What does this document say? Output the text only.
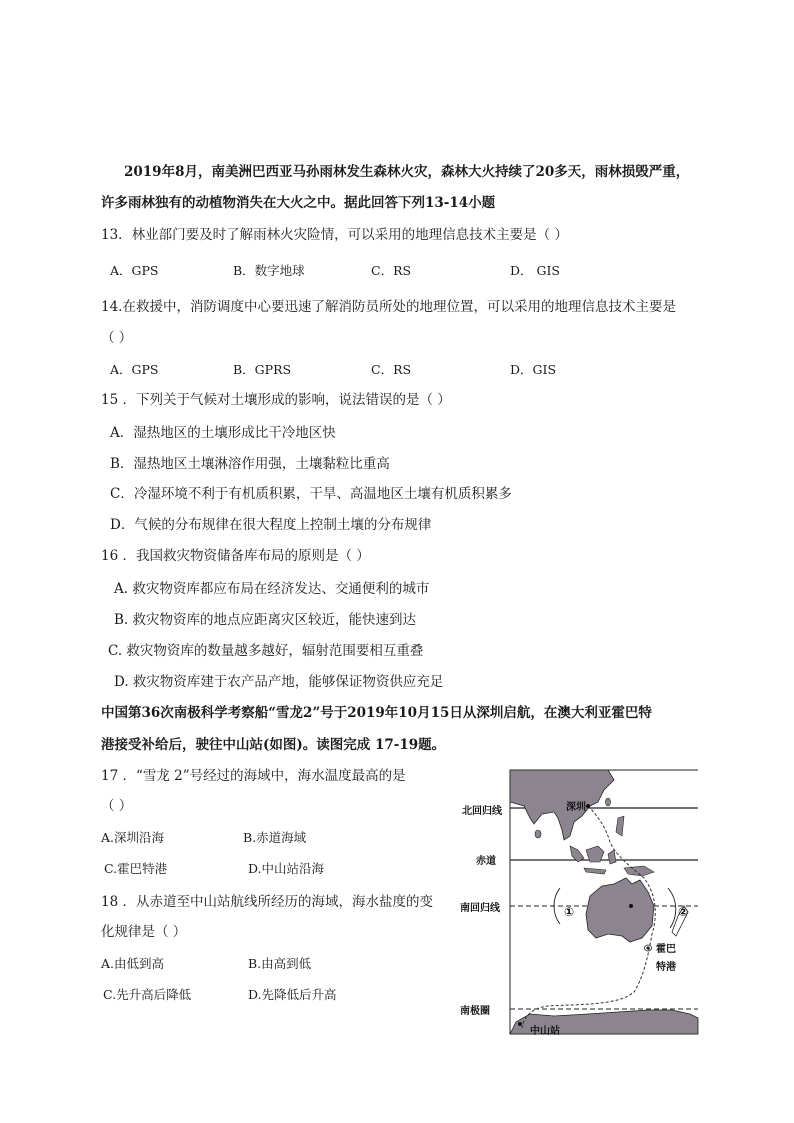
2019年8月，南美洲巴西亚马孙雨林发生森林火灾，森林大火持续了20多天，雨林损毁严重，
许多雨林独有的动植物消失在大火之中。据此回答下列13-14小题
13．林业部门要及时了解雨林火灾险情，可以采用的地理信息技术主要是（ ）
A．GPS	B．数字地球	C．RS	D． GIS
14.在救援中，消防调度中心要迅速了解消防员所处的地理位置，可以采用的地理信息技术主要是
（ ）
A．GPS	B．GPRS	C．RS	D．GIS
15 ．下列关于气候对土壤形成的影响，说法错误的是（ ）
A．湿热地区的土壤形成比干冷地区快
B．湿热地区土壤淋溶作用强，土壤黏粒比重高
C．冷湿环境不利于有机质积累，干旱、高温地区土壤有机质积累多
D．气候的分布规律在很大程度上控制土壤的分布规律
16 ．我国救灾物资储备库布局的原则是（ ）
A. 救灾物资库都应布局在经济发达、交通便利的城市
B. 救灾物资库的地点应距离灾区较近，能快速到达
C. 救灾物资库的数量越多越好，辐射范围要相互重叠
D. 救灾物资库建于农产品产地，能够保证物资供应充足
中国第36次南极科学考察船“雪龙2”号于2019年10月15日从深圳启航，在澳大利亚霍巴特
港接受补给后，驶往中山站(如图)。读图完成 17-19题。
17 ．“雪龙 2”号经过的海域中，海水温度最高的是
（ ）
A.深圳沿海	B.赤道海域
C.霍巴特港	D.中山站沿海
18 ．从赤道至中山站航线所经历的海域，海水盐度的变
化规律是（ ）
A.由低到高	B.由高到低
C.先升高后降低	D.先降低后升高
北回归线
赤道
南回归线
南极圈
深圳
霍巴
特港
中山站
①	②
